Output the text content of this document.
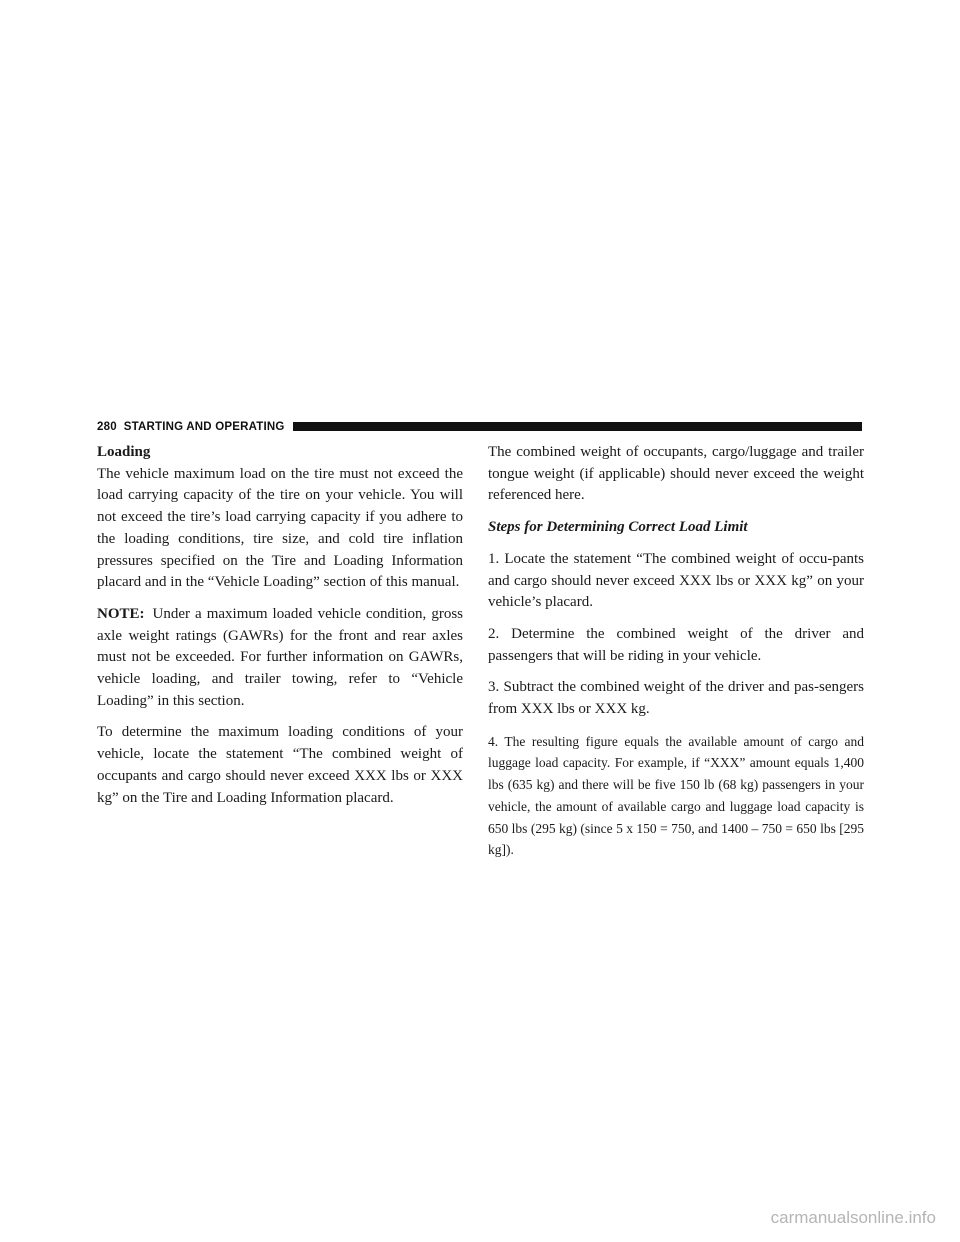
280 STARTING AND OPERATING

Loading

The vehicle maximum load on the tire must not exceed the load carrying capacity of the tire on your vehicle. You will not exceed the tire’s load carrying capacity if you adhere to the loading conditions, tire size, and cold tire inflation pressures specified on the Tire and Loading Information placard and in the “Vehicle Loading” section of this manual.

NOTE: Under a maximum loaded vehicle condition, gross axle weight ratings (GAWRs) for the front and rear axles must not be exceeded. For further information on GAWRs, vehicle loading, and trailer towing, refer to “Vehicle Loading” in this section.

To determine the maximum loading conditions of your vehicle, locate the statement “The combined weight of occupants and cargo should never exceed XXX lbs or XXX kg” on the Tire and Loading Information placard.

The combined weight of occupants, cargo/luggage and trailer tongue weight (if applicable) should never exceed the weight referenced here.

Steps for Determining Correct Load Limit

1. Locate the statement “The combined weight of occu-pants and cargo should never exceed XXX lbs or XXX kg” on your vehicle’s placard.

2. Determine the combined weight of the driver and passengers that will be riding in your vehicle.

3. Subtract the combined weight of the driver and pas-sengers from XXX lbs or XXX kg.

4. The resulting figure equals the available amount of cargo and luggage load capacity. For example, if “XXX” amount equals 1,400 lbs (635 kg) and there will be five 150 lb (68 kg) passengers in your vehicle, the amount of available cargo and luggage load capacity is 650 lbs (295 kg) (since 5 x 150 = 750, and 1400 – 750 = 650 lbs [295 kg]).

carmanualsonline.info
